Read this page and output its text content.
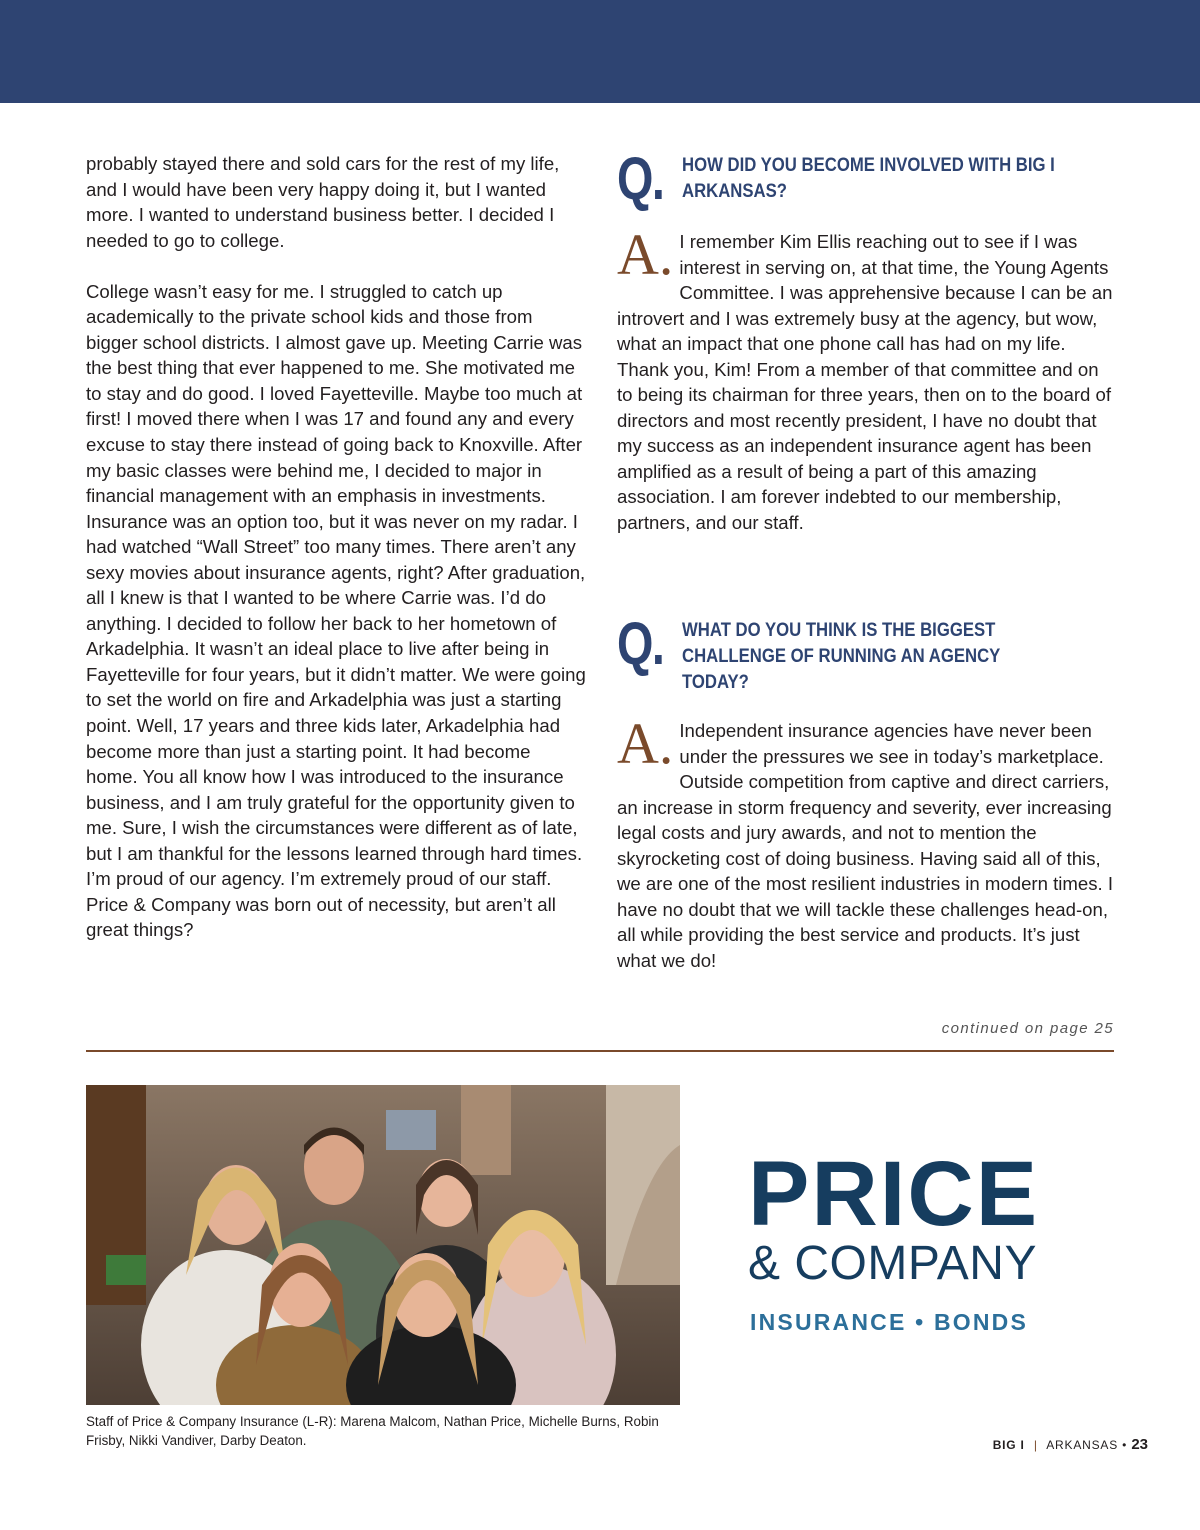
probably stayed there and sold cars for the rest of my life, and I would have been very happy doing it, but I wanted more. I wanted to understand business better. I decided I needed to go to college.

College wasn’t easy for me. I struggled to catch up academically to the private school kids and those from bigger school districts. I almost gave up. Meeting Carrie was the best thing that ever happened to me. She motivated me to stay and do good. I loved Fayetteville. Maybe too much at first! I moved there when I was 17 and found any and every excuse to stay there instead of going back to Knoxville. After my basic classes were behind me, I decided to major in financial management with an emphasis in investments. Insurance was an option too, but it was never on my radar. I had watched “Wall Street” too many times. There aren’t any sexy movies about insurance agents, right? After graduation, all I knew is that I wanted to be where Carrie was. I’d do anything. I decided to follow her back to her hometown of Arkadelphia. It wasn’t an ideal place to live after being in Fayetteville for four years, but it didn’t matter. We were going to set the world on fire and Arkadelphia was just a starting point. Well, 17 years and three kids later, Arkadelphia had become more than just a starting point. It had become home. You all know how I was introduced to the insurance business, and I am truly grateful for the opportunity given to me. Sure, I wish the circumstances were different as of late, but I am thankful for the lessons learned through hard times. I’m proud of our agency. I’m extremely proud of our staff. Price & Company was born out of necessity, but aren’t all great things?

Q. HOW DID YOU BECOME INVOLVED WITH BIG I ARKANSAS?
A. I remember Kim Ellis reaching out to see if I was interest in serving on, at that time, the Young Agents Committee. I was apprehensive because I can be an introvert and I was extremely busy at the agency, but wow, what an impact that one phone call has had on my life. Thank you, Kim! From a member of that committee and on to being its chairman for three years, then on to the board of directors and most recently president, I have no doubt that my success as an independent insurance agent has been amplified as a result of being a part of this amazing association. I am forever indebted to our membership, partners, and our staff.
Q. WHAT DO YOU THINK IS THE BIGGEST CHALLENGE OF RUNNING AN AGENCY TODAY?
A. Independent insurance agencies have never been under the pressures we see in today’s marketplace. Outside competition from captive and direct carriers, an increase in storm frequency and severity, ever increasing legal costs and jury awards, and not to mention the skyrocketing cost of doing business. Having said all of this, we are one of the most resilient industries in modern times. I have no doubt that we will tackle these challenges head-on, all while providing the best service and products. It’s just what we do!
continued on page 25
Staff of Price & Company Insurance (L-R): Marena Malcom, Nathan Price, Michelle Burns, Robin Frisby, Nikki Vandiver, Darby Deaton.
PRICE
& COMPANY
INSURANCE • BONDS
BIG I | ARKANSAS • 23
